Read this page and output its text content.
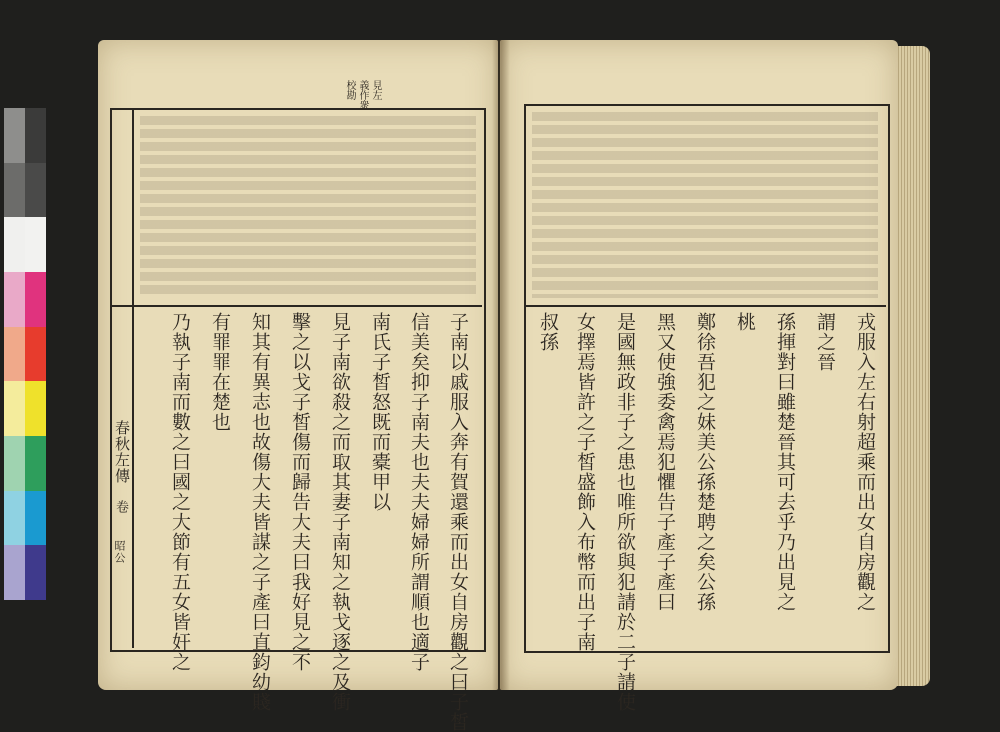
見左
義作衆
校勘
春秋左傳
卷
昭公	子南以戚服入奔有賀還乘而出女自房觀之曰子皙
信美矣抑子南夫也夫夫婦婦所謂順也適子
南氏子皙怒既而橐甲以
見子南欲殺之而取其妻子南知之執戈逐之及衝
擊之以戈子皙傷而歸告大夫曰我好見之不
知其有異志也故傷大夫皆謀之子產曰直鈞幼賤
有罪罪在楚也
乃執子南而數之曰國之大節有五女皆奸之	戎服入左右射超乘而出女自房觀之
謂之晉
孫揮對曰雖楚晉其可去乎乃出見之
桃
鄭徐吾犯之妹美公孫楚聘之矣公孫
黑又使強委禽焉犯懼告子產子產曰
是國無政非子之患也唯所欲與犯請於二子請使
女擇焉皆許之子皙盛飾入布幣而出子南
叔孫
